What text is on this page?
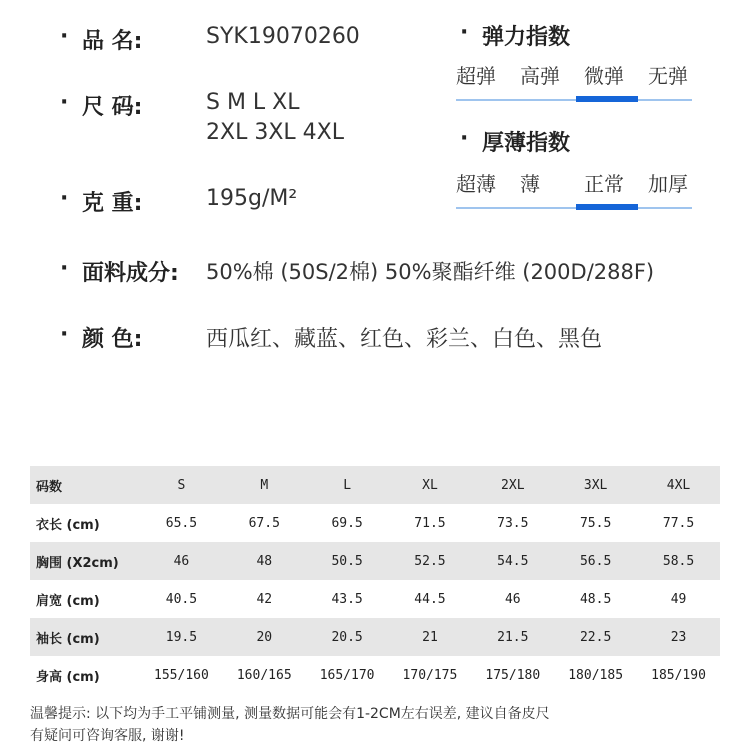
· 品 名:	SYK19070260
· 尺 码:	S M L XL
2XL 3XL 4XL
· 克 重:	195g/M²
· 面料成分: 50%棉 (50S/2棉) 50%聚酯纤维 (200D/288F)
· 颜 色:	西瓜红、藏蓝、红色、彩兰、白色、黑色
· 弹力指数
超弹 高弹 微弹 无弹
· 厚薄指数
超薄 薄 正常 加厚
码数	S	M	L	XL	2XL	3XL	4XL
衣长 (cm)	65.5	67.5	69.5	71.5	73.5	75.5	77.5
胸围 (X2cm)	46	48	50.5	52.5	54.5	56.5	58.5
肩宽 (cm)	40.5	42	43.5	44.5	46	48.5	49
袖长 (cm)	19.5	20	20.5	21	21.5	22.5	23
身高 (cm)	155/160	160/165	165/170	170/175	175/180	180/185	185/190
温馨提示: 以下均为手工平铺测量, 测量数据可能会有1-2CM左右误差, 建议自备皮尺
有疑问可咨询客服, 谢谢!
